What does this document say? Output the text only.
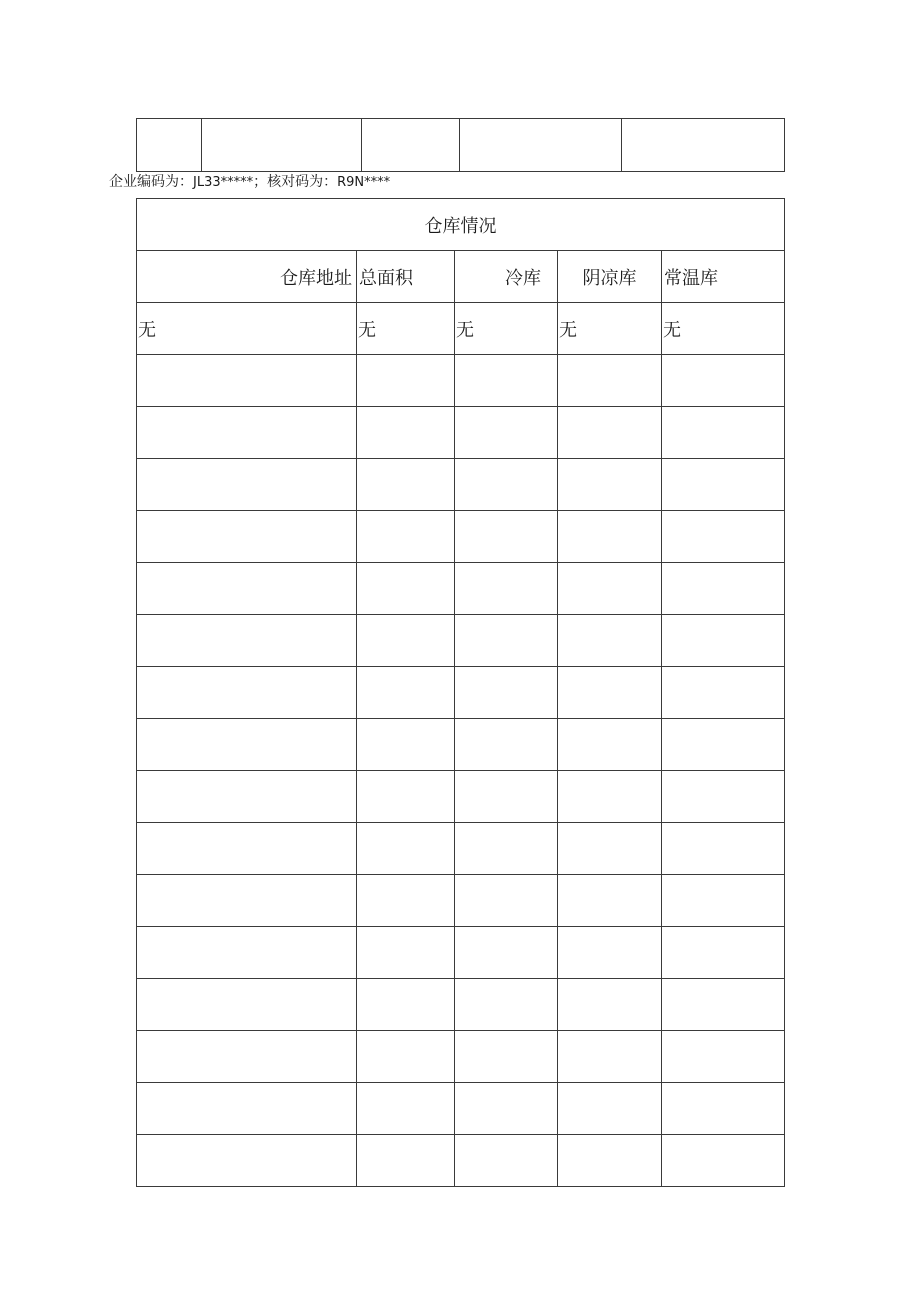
企业编码为：JL33*****；核对码为：R9N****
仓库情况				
仓库地址	总面积	冷库	阴凉库	常温库
无	无	无	无	无
